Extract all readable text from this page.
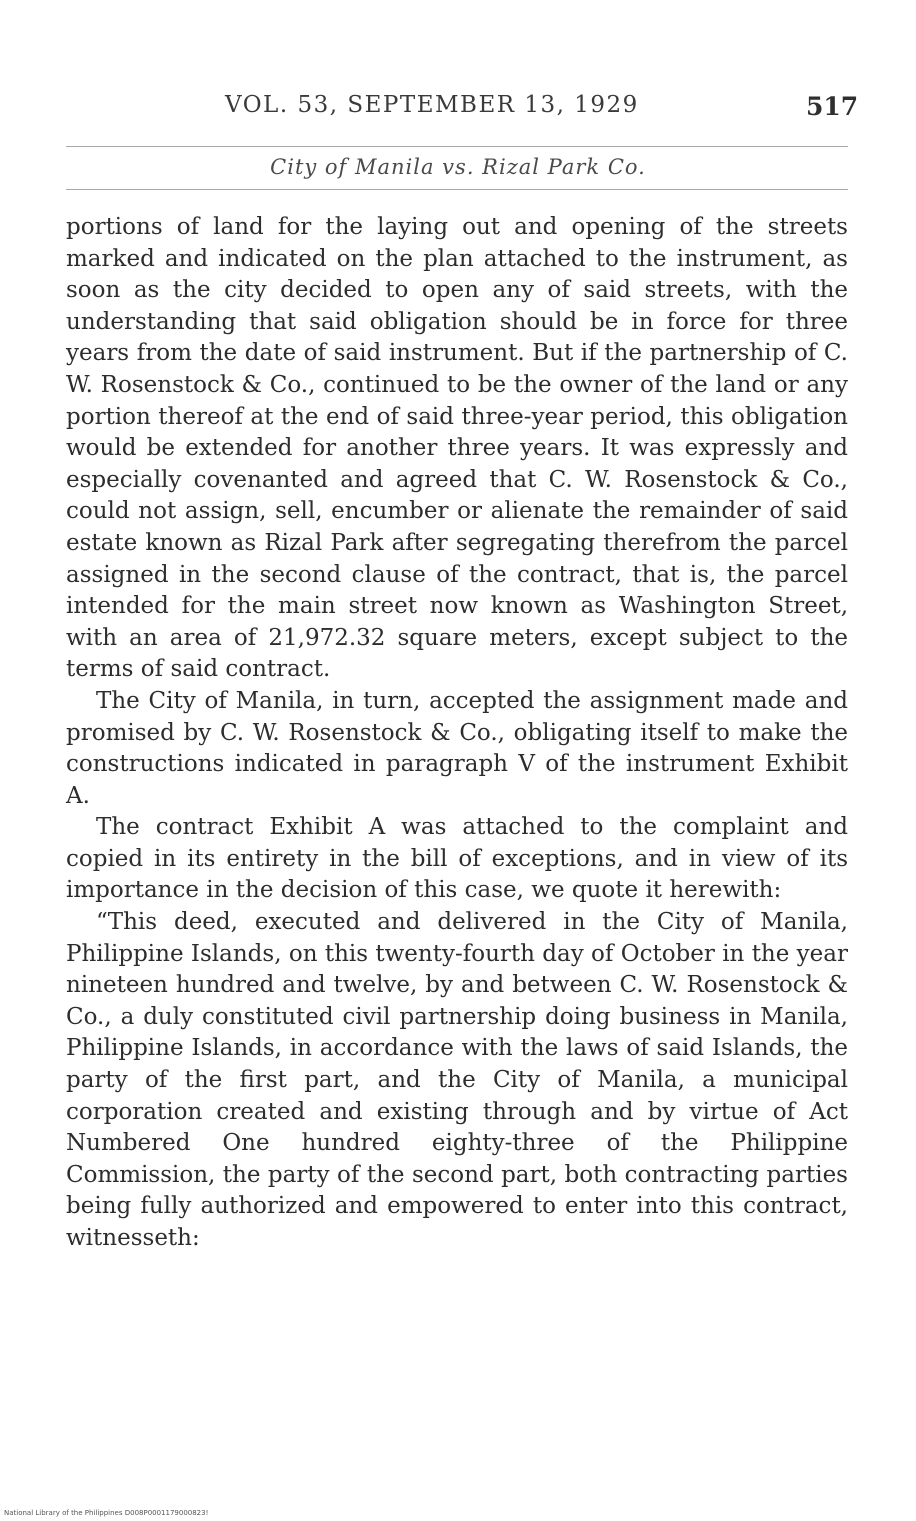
VOL. 53, SEPTEMBER 13, 1929	517
City of Manila vs. Rizal Park Co.

portions of land for the laying out and opening of the streets marked and indicated on the plan attached to the instrument, as soon as the city decided to open any of said streets, with the understanding that said obligation should be in force for three years from the date of said instrument. But if the partnership of C. W. Rosenstock & Co., continued to be the owner of the land or any portion thereof at the end of said three-year period, this obligation would be extended for another three years. It was expressly and especially covenanted and agreed that C. W. Rosenstock & Co., could not assign, sell, encumber or alienate the remainder of said estate known as Rizal Park after segregating therefrom the parcel assigned in the second clause of the contract, that is, the parcel intended for the main street now known as Washington Street, with an area of 21,972.32 square meters, except subject to the terms of said contract.

The City of Manila, in turn, accepted the assignment made and promised by C. W. Rosenstock & Co., obligating itself to make the constructions indicated in paragraph V of the instrument Exhibit A.

The contract Exhibit A was attached to the complaint and copied in its entirety in the bill of exceptions, and in view of its importance in the decision of this case, we quote it herewith:

“This deed, executed and delivered in the City of Manila, Philippine Islands, on this twenty-fourth day of October in the year nineteen hundred and twelve, by and between C. W. Rosenstock & Co., a duly constituted civil partnership doing business in Manila, Philippine Islands, in accordance with the laws of said Islands, the party of the first part, and the City of Manila, a municipal corporation created and existing through and by virtue of Act Numbered One hundred eighty-three of the Philippine Commission, the party of the second part, both contracting parties being fully authorized and empowered to enter into this contract, witnesseth:

National Library of the Philippines D008P0001179000823!
